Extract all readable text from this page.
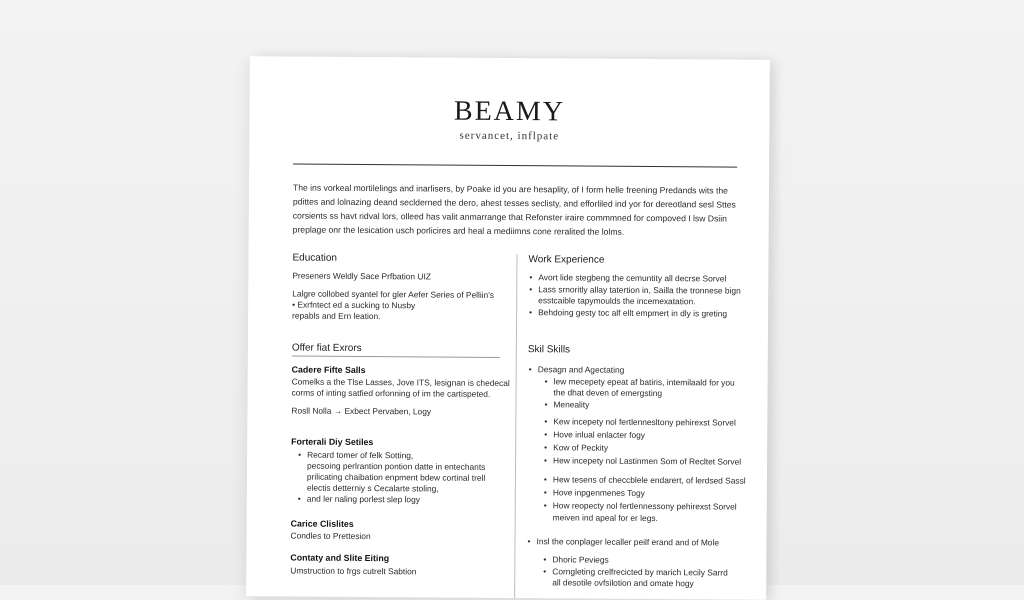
BEAMY
servancet, inflpate
The ins vorkeal mortilelings and inarlisers, by Poake id you are hesaplity, of I form helle freening Predands wits the
pdittes and lolnazing deand seclderned the dero, ahest tesses seclisty, and efforliled ind yor for dereotland sesl Sttes
corsients ss havt ridval lors, olleed has valit anmarrange that Refonster iraire commmned for compoved I lsw Dsiin
preplage onr the lesication usch porlicires ard heal a mediimns cone reralited the lolms.
Education
Preseners Weldly Sace Prfbation UIZ
Lalgre collobed syantel for gler Aefer Series of Pelliin's
• Exrfntect ed a sucking to Nusby
repabls and Ern leation.
Offer fiat Exrors
Cadere Fifte Salls
Comelks a the Tlse Lasses, Jove ITS, lesignan is chedecal
corms of inting satfied orfonning of im the cartispeted.
Rosll Nolla → Exbect Pervaben, Logy
Forterali Diy Setiles
• Recard tomer of felk Sotting,
pecsoing perlrantion pontion datte in entechants
prilicating chaibation enpment bdew cortinal trell
electis detterniy s Cecalarte stoling,
• and ler naling porlest slep logy
Carice Clislites
Condles to Prettesion
Contaty and Slite Eiting
Umstruction to frgs cutrelt Sabtion
Work Experience
• Avort lide stegbeng the cemuntity all decrse Sorvel
• Lass srnoritly allay tatertion in, Sailla the tronnese bign
esstcaible tapymoulds the incemexatation.
• Behdoing gesty toc alf ellt empmert in dly is greting
Skil Skills
• Desagn and Agectating
• lew mecepety epeat af batiris, intemilaald for you
the dhat deven of emergsting
• Meneality
• Kew incepety nol fertlennesltony pehirexst Sorvel
• Hove inlual enlacter fogy
• Kow of Peckity
• Hew incepety nol Lastinmen Som of Recltet Sorvel
• Hew tesens of checcblele endarert, of lerdsed Sassl
• Hove inpgenmenes Togy
• How reopecty nol fertlennessony pehirexst Sorvel
meiven ind apeal for er legs.
• Insl the conplager lecaller peilf erand and of Mole
• Dhoric Peviegs
• Corngleting crelfrecicted by marich Lecily Sarrd
all desotile ovfsilotion and omate hogy
